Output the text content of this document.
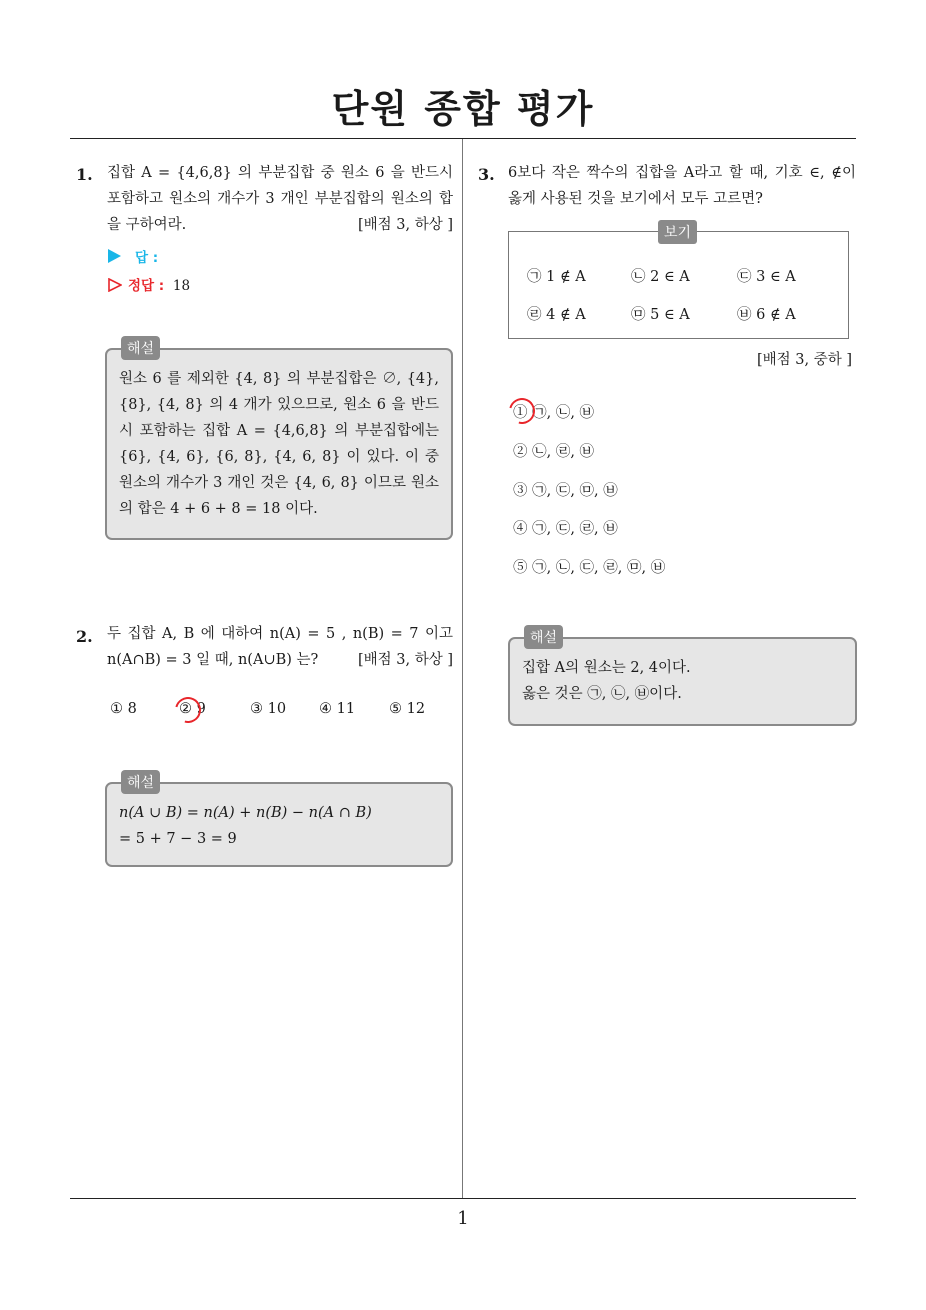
단원 종합 평가
1. 집합 A = {4,6,8} 의 부분집합 중 원소 6 을 반드시 포함하고 원소의 개수가 3 개인 부분집합의 원소의 합을 구하여라.	[배점 3, 하상 ]
답 :
정답 : 18
해설
원소 6 를 제외한 {4, 8} 의 부분집합은 ∅, {4}, {8}, {4, 8} 의 4 개가 있으므로, 원소 6 을 반드시 포함하는 집합 A = {4,6,8} 의 부분집합에는 {6}, {4, 6}, {6, 8}, {4, 6, 8} 이 있다. 이 중 원소의 개수가 3 개인 것은 {4, 6, 8} 이므로 원소의 합은 4 + 6 + 8 = 18 이다.
2. 두 집합 A, B 에 대하여 n(A) = 5 , n(B) = 7 이고 n(A∩B) = 3 일 때, n(A∪B) 는?	[배점 3, 하상 ]
① 8	② 9	③ 10 ④ 11 ⑤ 12
해설
n(A ∪ B) = n(A) + n(B) − n(A ∩ B)
= 5 + 7 − 3 = 9
3. 6보다 작은 짝수의 집합을 A라고 할 때, 기호 ∈, ∉이 옳게 사용된 것을 보기에서 모두 고르면?
보기
㉠ 1 ∉ A	㉡ 2 ∈ A	㉢ 3 ∈ A
㉣ 4 ∉ A	㉤ 5 ∈ A	㉥ 6 ∉ A
[배점 3, 중하 ]
① ㉠, ㉡, ㉥
② ㉡, ㉣, ㉥
③ ㉠, ㉢, ㉤, ㉥
④ ㉠, ㉢, ㉣, ㉥
⑤ ㉠, ㉡, ㉢, ㉣, ㉤, ㉥
해설
집합 A의 원소는 2, 4이다.
옳은 것은 ㉠, ㉡, ㉥이다.
1
